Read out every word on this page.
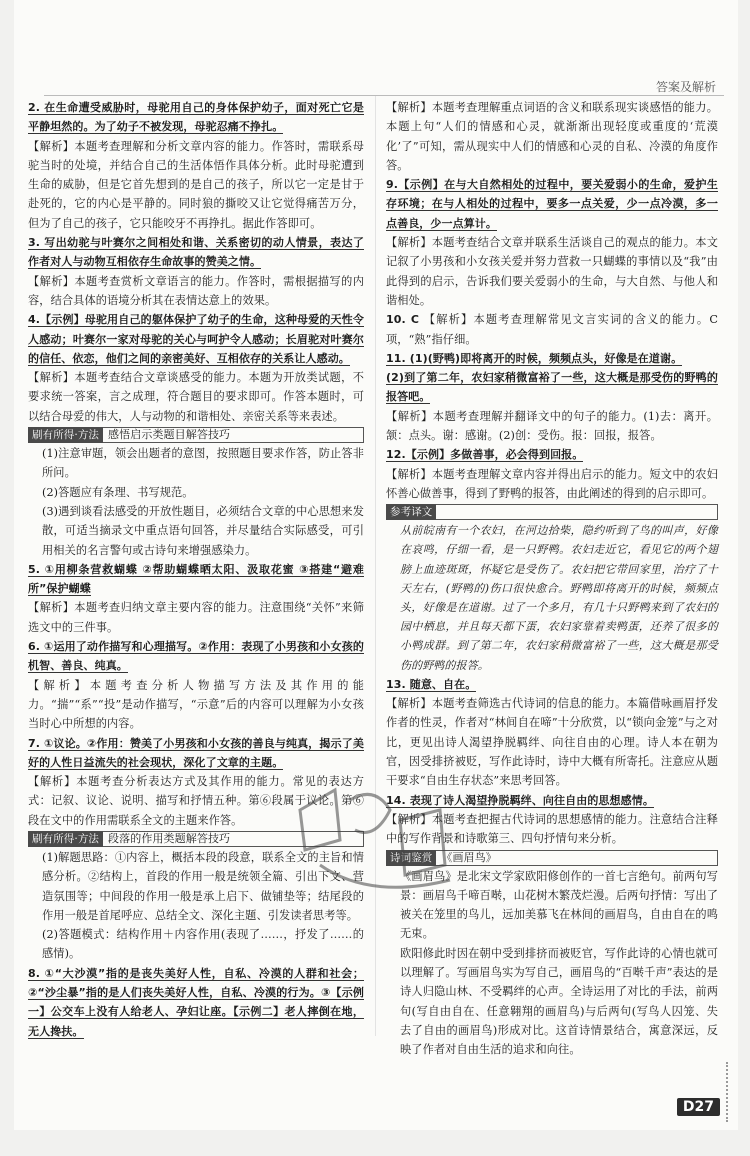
答案及解析

2. 在生命遭受威胁时，母驼用自己的身体保护幼子，面对死亡它是平静坦然的。为了幼子不被发现，母驼忍痛不挣扎。

【解析】本题考查理解和分析文章内容的能力。作答时，需联系母驼当时的处境，并结合自己的生活体悟作具体分析。此时母驼遭到生命的威胁，但是它首先想到的是自己的孩子，所以它一定是甘于赴死的，它的内心是平静的。同时狼的撕咬又让它觉得痛苦万分，但为了自己的孩子，它只能咬牙不再挣扎。据此作答即可。

3. 写出幼驼与叶赛尔之间相处和谐、关系密切的动人情景，表达了作者对人与动物互相依存生命故事的赞美之情。

【解析】本题考查赏析文章语言的能力。作答时，需根据描写的内容，结合具体的语境分析其在表情达意上的效果。

4.【示例】母驼用自己的躯体保护了幼子的生命，这种母爱的天性令人感动；叶赛尔一家对母驼的关心与呵护令人感动；长眉驼对叶赛尔的信任、依恋，他们之间的亲密美好、互相依存的关系让人感动。

【解析】本题考查结合文章谈感受的能力。本题为开放类试题，不要求统一答案，言之成理，符合题目的要求即可。作答本题时，可以结合母爱的伟大，人与动物的和谐相处、亲密关系等来表述。

刷有所得·方法 感悟启示类题目解答技巧

(1)注意审题，领会出题者的意图，按照题目要求作答，防止答非所问。

(2)答题应有条理、书写规范。

(3)遇到谈看法感受的开放性题目，必须结合文章的中心思想来发散，可适当摘录文中重点语句回答，并尽量结合实际感受，可引用相关的名言警句或古诗句来增强感染力。

5. ①用柳条营救蝴蝶 ②帮助蝴蝶晒太阳、汲取花蜜 ③搭建“避难所”保护蝴蝶

【解析】本题考查归纳文章主要内容的能力。注意围绕“关怀”来筛选文中的三件事。

6. ①运用了动作描写和心理描写。②作用：表现了小男孩和小女孩的机智、善良、纯真。

【解析】本题考查分析人物描写方法及其作用的能力。“揣”“系”“投”是动作描写，“示意”后的内容可以理解为小女孩当时心中所想的内容。

7. ①议论。②作用：赞美了小男孩和小女孩的善良与纯真，揭示了美好的人性日益流失的社会现状，深化了文章的主题。

【解析】本题考查分析表达方式及其作用的能力。常见的表达方式：记叙、议论、说明、描写和抒情五种。第⑥段属于议论。第⑥段在文中的作用需联系全文的主题来作答。

刷有所得·方法 段落的作用类题解答技巧

(1)解题思路：①内容上，概括本段的段意，联系全文的主旨和情感分析。②结构上，首段的作用一般是统领全篇、引出下文、营造氛围等；中间段的作用一般是承上启下、做铺垫等；结尾段的作用一般是首尾呼应、总结全文、深化主题、引发读者思考等。

(2)答题模式：结构作用＋内容作用(表现了……，抒发了……的感情)。

8. ①“大沙漠”指的是丧失美好人性，自私、冷漠的人群和社会；②“沙尘暴”指的是人们丧失美好人性，自私、冷漠的行为。③【示例一】公交车上没有人给老人、孕妇让座。【示例二】老人摔倒在地，无人搀扶。

【解析】本题考查理解重点词语的含义和联系现实谈感悟的能力。本题上句“人们的情感和心灵，就渐渐出现轻度或重度的‘荒漠化’了”可知，需从现实中人们的情感和心灵的自私、冷漠的角度作答。

9.【示例】在与大自然相处的过程中，要关爱弱小的生命，爱护生存环境；在与人相处的过程中，要多一点关爱，少一点冷漠，多一点善良，少一点算计。

【解析】本题考查结合文章并联系生活谈自己的观点的能力。本文记叙了小男孩和小女孩关爱并努力营救一只蝴蝶的事情以及“我”由此得到的启示，告诉我们要关爱弱小的生命，与大自然、与他人和谐相处。

10. C 【解析】本题考查理解常见文言实词的含义的能力。C项，“熟”指仔细。

11. (1)(野鸭)即将离开的时候，频频点头，好像是在道谢。

(2)到了第二年，农妇家稍微富裕了一些，这大概是那受伤的野鸭的报答吧。

【解析】本题考查理解并翻译文中的句子的能力。(1)去：离开。颔：点头。谢：感谢。(2)创：受伤。报：回报，报答。

12.【示例】多做善事，必会得到回报。

【解析】本题考查理解文章内容并得出启示的能力。短文中的农妇怀善心做善事，得到了野鸭的报答，由此阐述的得到的启示即可。

参考译文

从前皖南有一个农妇，在河边拾柴，隐约听到了鸟的叫声，好像在哀鸣，仔细一看，是一只野鸭。农妇走近它，看见它的两个翅膀上血迹斑斑，怀疑它是受伤了。农妇把它带回家里，治疗了十天左右，(野鸭的)伤口很快愈合。野鸭即将离开的时候，频频点头，好像是在道谢。过了一个多月，有几十只野鸭来到了农妇的园中栖息，并且每天都下蛋，农妇家靠着卖鸭蛋，还养了很多的小鸭成群。到了第二年，农妇家稍微富裕了一些，这大概是那受伤的野鸭的报答。

13. 随意、自在。

【解析】本题考查筛选古代诗词的信息的能力。本篇借咏画眉抒发作者的性灵，作者对“林间自在啼”十分欣赏，以“锁向金笼”与之对比，更见出诗人渴望挣脱羁绊、向往自由的心理。诗人本在朝为官，因受排挤被贬，写作此诗时，诗中大概有所寄托。注意应从题干要求“自由生存状态”来思考回答。

14. 表现了诗人渴望挣脱羁绊、向往自由的思想感情。

【解析】本题考查把握古代诗词的思想感情的能力。注意结合注释中的写作背景和诗歌第三、四句抒情句来分析。

诗词鉴赏 《画眉鸟》

《画眉鸟》是北宋文学家欧阳修创作的一首七言绝句。前两句写景：画眉鸟千啼百啭，山花树木繁茂烂漫。后两句抒情：写出了被关在笼里的鸟儿，远加美慕飞在林间的画眉鸟，自由自在的鸣无束。

欧阳修此时因在朝中受到排挤而被贬官，写作此诗的心情也就可以理解了。写画眉鸟实为写自己，画眉鸟的“百啭千声”表达的是诗人归隐山林、不受羁绊的心声。全诗运用了对比的手法，前两句(写自由自在、任意翱翔的画眉鸟)与后两句(写鸟人囚笼、失去了自由的画眉鸟)形成对比。这首诗情景结合，寓意深远，反映了作者对自由生活的追求和向往。

D27
